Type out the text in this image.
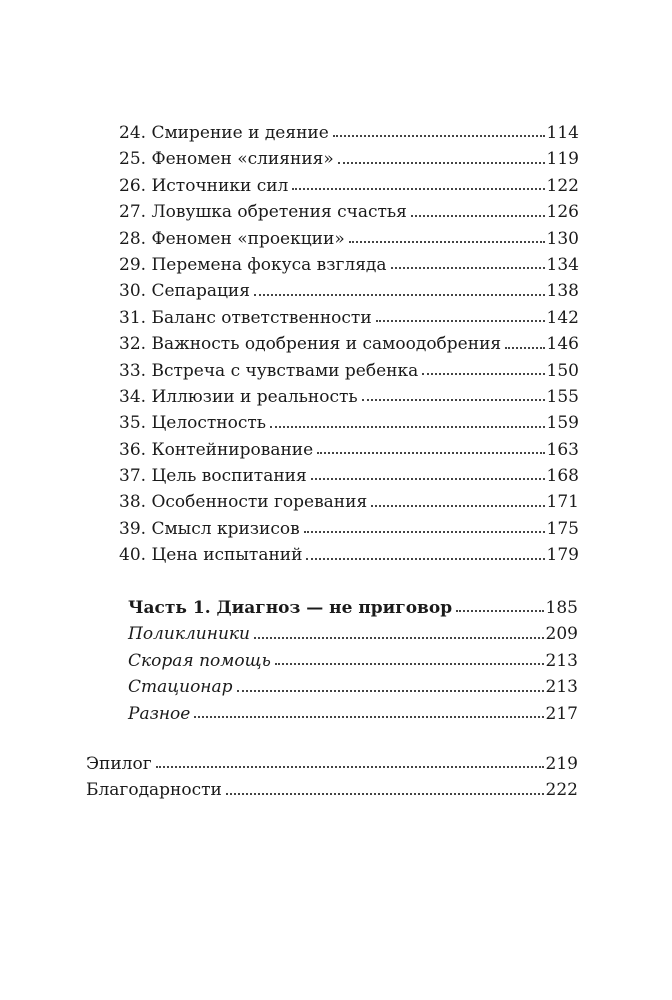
24. Смирение и деяние	114
25. Феномен «слияния»	119
26. Источники сил	122
27. Ловушка обретения счастья	126
28. Феномен «проекции»	130
29. Перемена фокуса взгляда	134
30. Сепарация	138
31. Баланс ответственности	142
32. Важность одобрения и самоодобрения	146
33. Встреча с чувствами ребенка	150
34. Иллюзии и реальность	155
35. Целостность	159
36. Контейнирование	163
37. Цель воспитания	168
38. Особенности горевания	171
39. Смысл кризисов	175
40. Цена испытаний	179
Часть 1. Диагноз — не приговор	185
Поликлиники	209
Скорая помощь	213
Стационар	213
Разное	217
Эпилог	219
Благодарности	222
